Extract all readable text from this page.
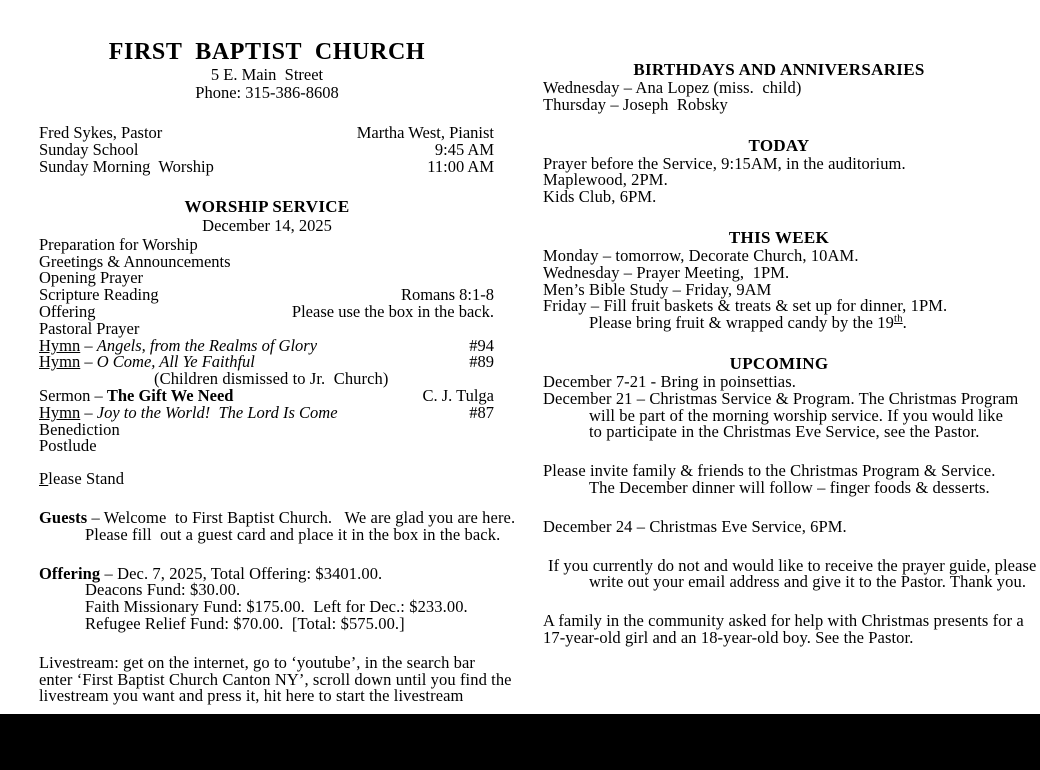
FIRST  BAPTIST  CHURCH
5 E. Main  Street
Phone: 315-386-8608
Fred Sykes, Pastor	Martha West, Pianist
Sunday School	9:45 AM
Sunday Morning  Worship	11:00 AM
WORSHIP SERVICE
December 14, 2025
Preparation for Worship
Greetings & Announcements
Opening Prayer
Scripture Reading	Romans 8:1-8
Offering	Please use the box in the back.
Pastoral Prayer
Hymn – Angels, from the Realms of Glory	#94
Hymn – O Come, All Ye Faithful	#89
(Children dismissed to Jr.  Church)
Sermon – The Gift We Need	C. J. Tulga
Hymn – Joy to the World!  The Lord Is Come	#87
Benediction
Postlude
Please Stand
Guests – Welcome  to First Baptist Church.   We are glad you are here.
Please fill  out a guest card and place it in the box in the back.
Offering – Dec. 7, 2025, Total Offering: $3401.00.
Deacons Fund: $30.00.
Faith Missionary Fund: $175.00.  Left for Dec.: $233.00.
Refugee Relief Fund: $70.00.  [Total: $575.00.]
Livestream: get on the internet, go to ‘youtube’, in the search bar
enter ‘First Baptist Church Canton NY’, scroll down until you find the
livestream you want and press it, hit here to start the livestream
BIRTHDAYS AND ANNIVERSARIES
Wednesday – Ana Lopez (miss.  child)
Thursday – Joseph  Robsky
TODAY
Prayer before the Service, 9:15AM, in the auditorium.
Maplewood, 2PM.
Kids Club, 6PM.
THIS WEEK
Monday – tomorrow, Decorate Church, 10AM.
Wednesday – Prayer Meeting,  1PM.
Men’s Bible Study – Friday, 9AM
Friday – Fill fruit baskets & treats & set up for dinner, 1PM.
Please bring fruit & wrapped candy by the 19th.
UPCOMING
December 7-21 - Bring in poinsettias.
December 21 – Christmas Service & Program. The Christmas Program
will be part of the morning worship service. If you would like
to participate in the Christmas Eve Service, see the Pastor.
Please invite family & friends to the Christmas Program & Service.
The December dinner will follow – finger foods & desserts.
December 24 – Christmas Eve Service, 6PM.
If you currently do not and would like to receive the prayer guide, please
write out your email address and give it to the Pastor. Thank you.
A family in the community asked for help with Christmas presents for a
17-year-old girl and an 18-year-old boy. See the Pastor.
